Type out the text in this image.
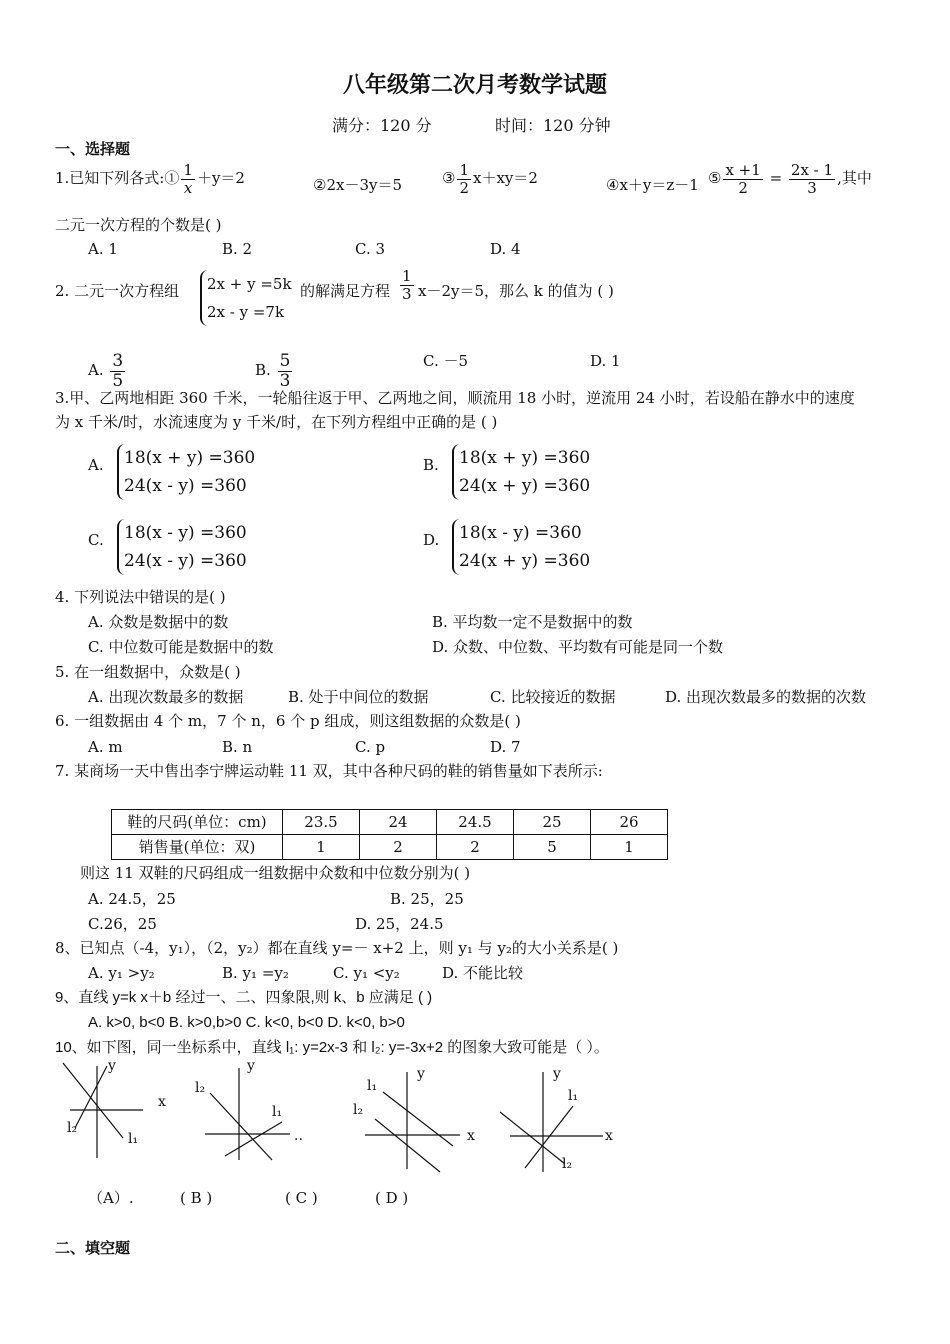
八年级第二次月考数学试题
满分：120 分	时间：120 分钟
一、选择题
1.已知下列各式:① $\frac{1}{x} +y=2$	②2x－3y＝5	③ $\frac{1}{2} x+xy=2$	④x＋y＝z－1 ⑤ $\frac{x +1}{2} = \frac{2x - 1}{3}$ ,其中
二元一次方程的个数是( )
A. 1	B. 2	C. 3	D. 4
2. 二元一次方程组 2x + y =5k
2x - y =7k
的解满足方程 $\frac{1}{3} x-2y=5$，那么 k 的值为 ( )
A. $\frac{3}{5}$	B. $\frac{5}{3}$	C. －5	D. 1
3.甲、乙两地相距 360 千米，一轮船往返于甲、乙两地之间，顺流用 18 小时，逆流用 24 小时，若设船在静水中的速度
为 x 千米/时，水流速度为 y 千米/时，在下列方程组中正确的是 ( )
A. 18(x + y) =360
24(x - y) =360
B. 18(x + y) =360
24(x + y) =360
C. 18(x - y) =360
24(x - y) =360
D. 18(x - y) =360
24(x + y) =360
4. 下列说法中错误的是( )
A. 众数是数据中的数	B. 平均数一定不是数据中的数
C. 中位数可能是数据中的数	D. 众数、中位数、平均数有可能是同一个数
5. 在一组数据中，众数是( )
A. 出现次数最多的数据	B. 处于中间位的数据	C. 比较接近的数据	D. 出现次数最多的数据的次数
6. 一组数据由 4 个 m，7 个 n，6 个 p 组成，则这组数据的众数是( )
A. m	B. n	C. p	D. 7
7. 某商场一天中售出李宁牌运动鞋 11 双，其中各种尺码的鞋的销售量如下表所示:
鞋的尺码(单位：cm)	23.5	24	24.5	25	26
销售量(单位：双)	1	2	2	5	1
则这 11 双鞋的尺码组成一组数据中众数和中位数分别为( )
A. 24.5，25	B. 25，25
C.26，25	D. 25，24.5
8、已知点（-4，y₁），（2，y₂）都在直线 y=－ x+2 上，则 y₁ 与 y₂的大小关系是( )
A. y₁ >y₂	B. y₁ =y₂	C. y₁ <y₂	D. 不能比较
9、直线 y=k x＋b 经过一、二、四象限,则 k、b 应满足 ( )
A. k>0, b<0 B. k>0,b>0 C. k<0, b<0 D. k<0, b>0
10、如下图，同一坐标系中，直线 l₁: y=2x-3 和 l₂: y=-3x+2 的图象大致可能是（ ）。
y
x
l₂
l₁
y
l₂
l₁
..
y
x
l₁
l₂
y
x
l₁
l₂
（A）.	( B )	( C )	( D )
二、填空题
